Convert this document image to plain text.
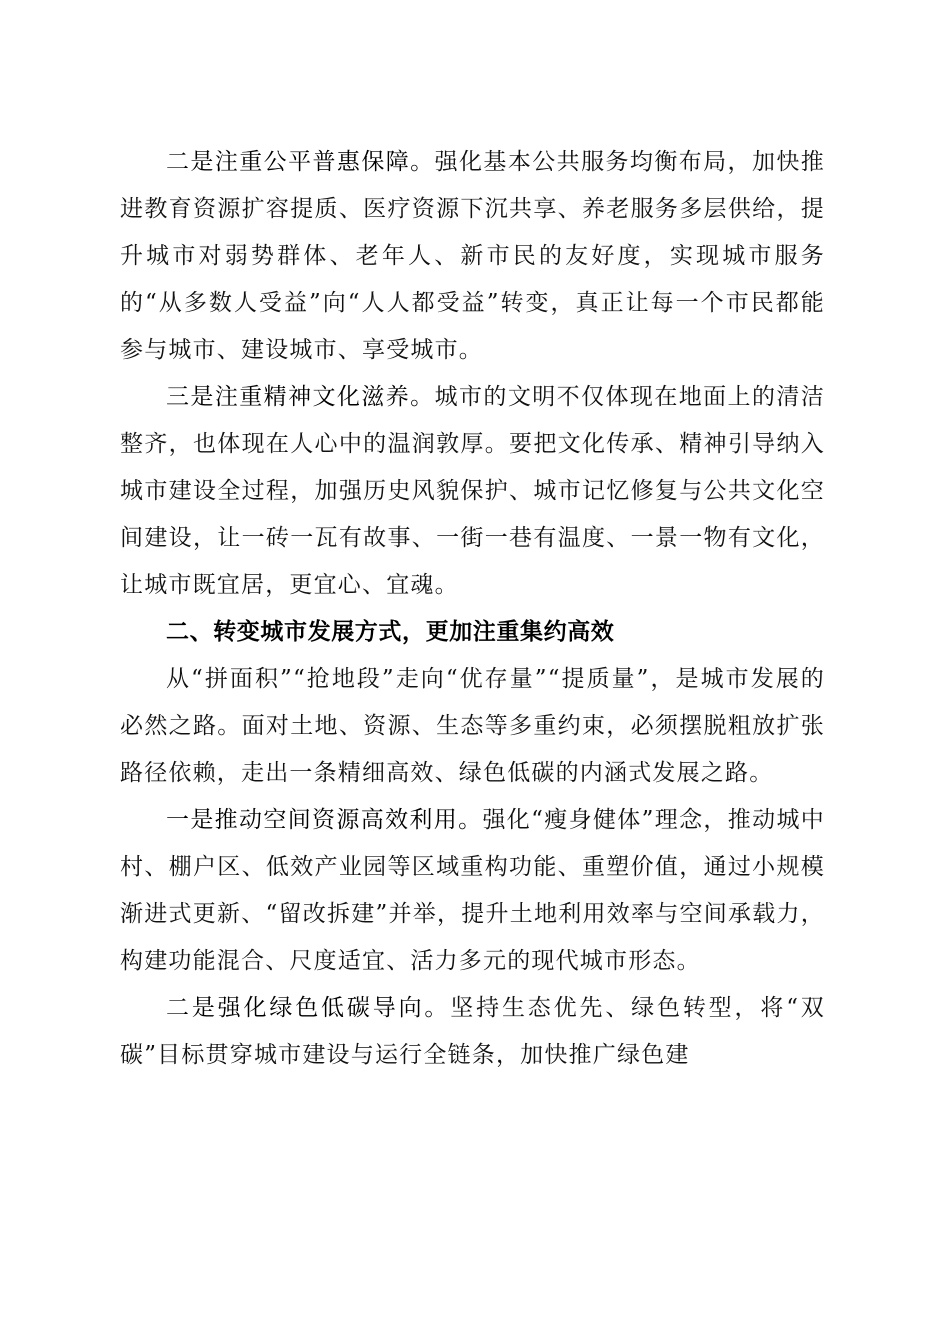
二是注重公平普惠保障。强化基本公共服务均衡布局，加快推进教育资源扩容提质、医疗资源下沉共享、养老服务多层供给，提升城市对弱势群体、老年人、新市民的友好度，实现城市服务的“从多数人受益”向“人人都受益”转变，真正让每一个市民都能参与城市、建设城市、享受城市。

三是注重精神文化滋养。城市的文明不仅体现在地面上的清洁整齐，也体现在人心中的温润敦厚。要把文化传承、精神引导纳入城市建设全过程，加强历史风貌保护、城市记忆修复与公共文化空间建设，让一砖一瓦有故事、一街一巷有温度、一景一物有文化，让城市既宜居，更宜心、宜魂。

二、转变城市发展方式，更加注重集约高效

从“拼面积”“抢地段”走向“优存量”“提质量”，是城市发展的必然之路。面对土地、资源、生态等多重约束，必须摆脱粗放扩张路径依赖，走出一条精细高效、绿色低碳的内涵式发展之路。

一是推动空间资源高效利用。强化“瘦身健体”理念，推动城中村、棚户区、低效产业园等区域重构功能、重塑价值，通过小规模渐进式更新、“留改拆建”并举，提升土地利用效率与空间承载力，构建功能混合、尺度适宜、活力多元的现代城市形态。

二是强化绿色低碳导向。坚持生态优先、绿色转型，将“双碳”目标贯穿城市建设与运行全链条，加快推广绿色建
